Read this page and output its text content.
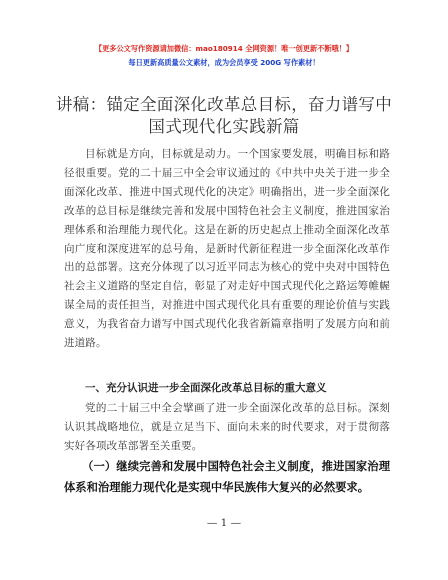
【更多公文写作资源请加微信：mao180914 全网资源！唯一创更新不断哦！】
每日更新高质量公文素材，成为会员享受 200G 写作素材！
讲稿：锚定全面深化改革总目标，奋力谱写中
国式现代化实践新篇

目标就是方向，目标就是动力。一个国家要发展，明确目标和路径很重要。党的二十届三中全会审议通过的《中共中央关于进一步全面深化改革、推进中国式现代化的决定》明确指出，进一步全面深化改革的总目标是继续完善和发展中国特色社会主义制度，推进国家治理体系和治理能力现代化。这是在新的历史起点上推动全面深化改革向广度和深度进军的总号角，是新时代新征程进一步全面深化改革作出的总部署。这充分体现了以习近平同志为核心的党中央对中国特色社会主义道路的坚定自信，彰显了对走好中国式现代化之路运筹帷幄谋全局的责任担当，对推进中国式现代化具有重要的理论价值与实践意义，为我省奋力谱写中国式现代化我省新篇章指明了发展方向和前进道路。

一、充分认识进一步全面深化改革总目标的重大意义

党的二十届三中全会擘画了进一步全面深化改革的总目标。深刻认识其战略地位，就是立足当下、面向未来的时代要求，对于贯彻落实好各项改革部署至关重要。

（一）继续完善和发展中国特色社会主义制度，推进国家治理体系和治理能力现代化是实现中华民族伟大复兴的必然要求。
— 1 —
